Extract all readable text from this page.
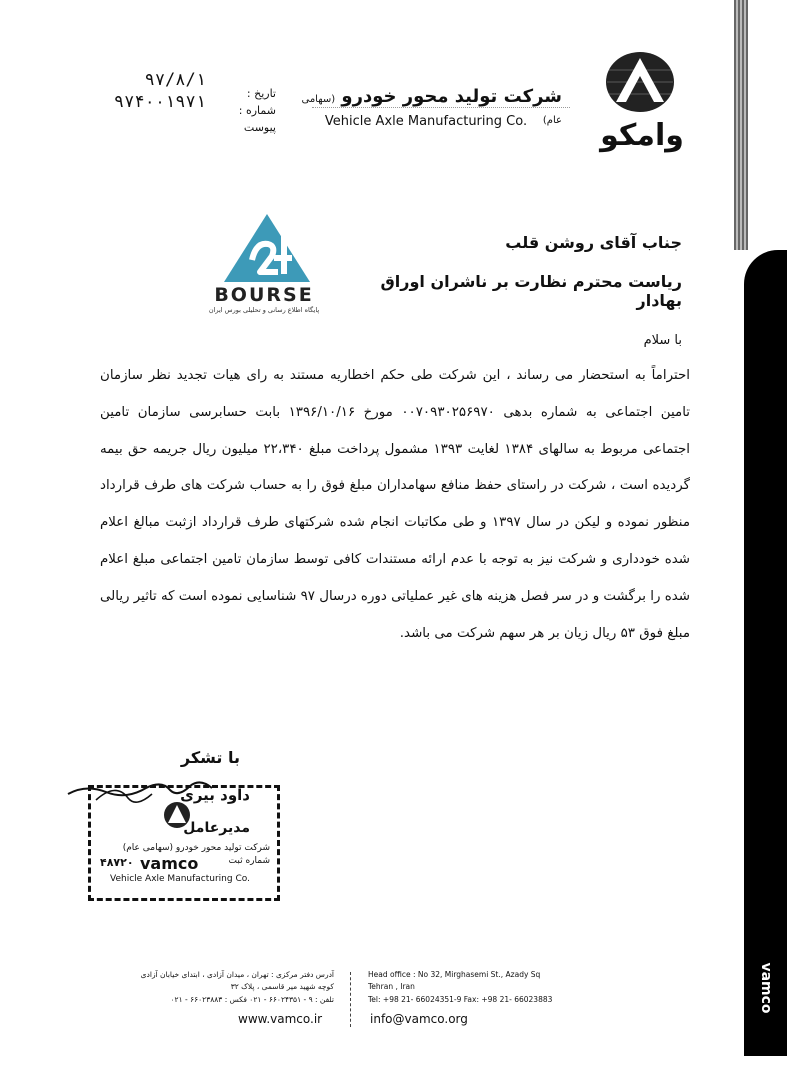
vamco
وامکو
شرکت تولید محور خودرو (سهامی عام)
Vehicle Axle Manufacturing Co.
تاریخ :
شماره :
پیوست
۹۷/۸/۱
۹۷۴۰۰۱۹۷۱
جناب آقای روشن قلب
ریاست محترم نظارت بر ناشران اوراق بهادار
BOURSE
پایگاه اطلاع رسانی و تحلیلی بورس ایران
با سلام
احتراماً به استحضار می رساند ، این شرکت طی حکم اخطاریه مستند به رای هیات تجدید نظر سازمان تامین اجتماعی به شماره بدهی ۰۰۷۰۹۳۰۲۵۶۹۷۰ مورخ ۱۳۹۶/۱۰/۱۶ بابت حسابرسی سازمان تامین اجتماعی مربوط به سالهای ۱۳۸۴ لغایت ۱۳۹۳ مشمول پرداخت مبلغ ۲۲،۳۴۰ میلیون ریال جریمه حق بیمه گردیده است ، شرکت در راستای حفظ منافع سهامداران مبلغ فوق را به حساب شرکت های طرف قرارداد منظور نموده و لیکن در سال ۱۳۹۷ و طی مکاتبات انجام شده شرکتهای طرف قرارداد ازثبت مبالغ اعلام شده خودداری و شرکت نیز به توجه با عدم ارائه مستندات کافی توسط سازمان تامین اجتماعی مبلغ اعلام شده را برگشت و در سر فصل هزینه های غیر عملیاتی دوره درسال ۹۷ شناسایی نموده است که تاثیر ریالی مبلغ فوق ۵۳ ریال زیان بر هر سهم شرکت می باشد.
با تشکر
داود بیری
مدیرعامل
شرکت تولید محور خودرو (سهامی عام)
شماره ثبت
۴۸۷۲۰ vamco
Vehicle Axle Manufacturing Co.
آدرس دفتر مرکزی : تهران ، میدان آزادی ، ابتدای خیابان آزادی
کوچه شهید میر قاسمی ، پلاک ۳۲
تلفن : ۹ - ۶۶۰۲۴۳۵۱ - ۰۲۱ فکس : ۶۶۰۲۳۸۸۳ - ۰۲۱
www.vamco.ir
Head office : No 32, Mirghasemi St., Azady Sq
Tehran , Iran
Tel: +98 21- 66024351-9 Fax: +98 21- 66023883
info@vamco.org
